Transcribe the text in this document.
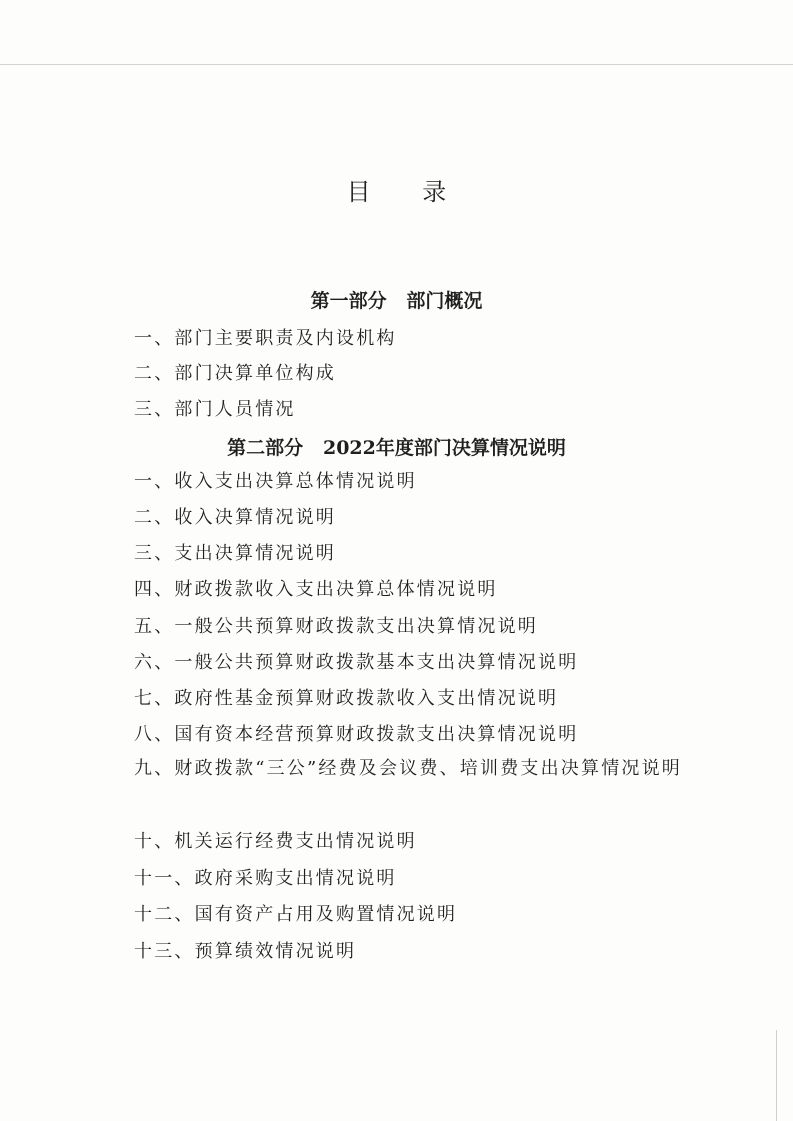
目 录
第一部分   部门概况
一、部门主要职责及内设机构
二、部门决算单位构成
三、部门人员情况
第二部分   2022年度部门决算情况说明
一、收入支出决算总体情况说明
二、收入决算情况说明
三、支出决算情况说明
四、财政拨款收入支出决算总体情况说明
五、一般公共预算财政拨款支出决算情况说明
六、一般公共预算财政拨款基本支出决算情况说明
七、政府性基金预算财政拨款收入支出情况说明
八、国有资本经营预算财政拨款支出决算情况说明
九、财政拨款“三公”经费及会议费、培训费支出决算情况说明
十、机关运行经费支出情况说明
十一、政府采购支出情况说明
十二、国有资产占用及购置情况说明
十三、预算绩效情况说明
